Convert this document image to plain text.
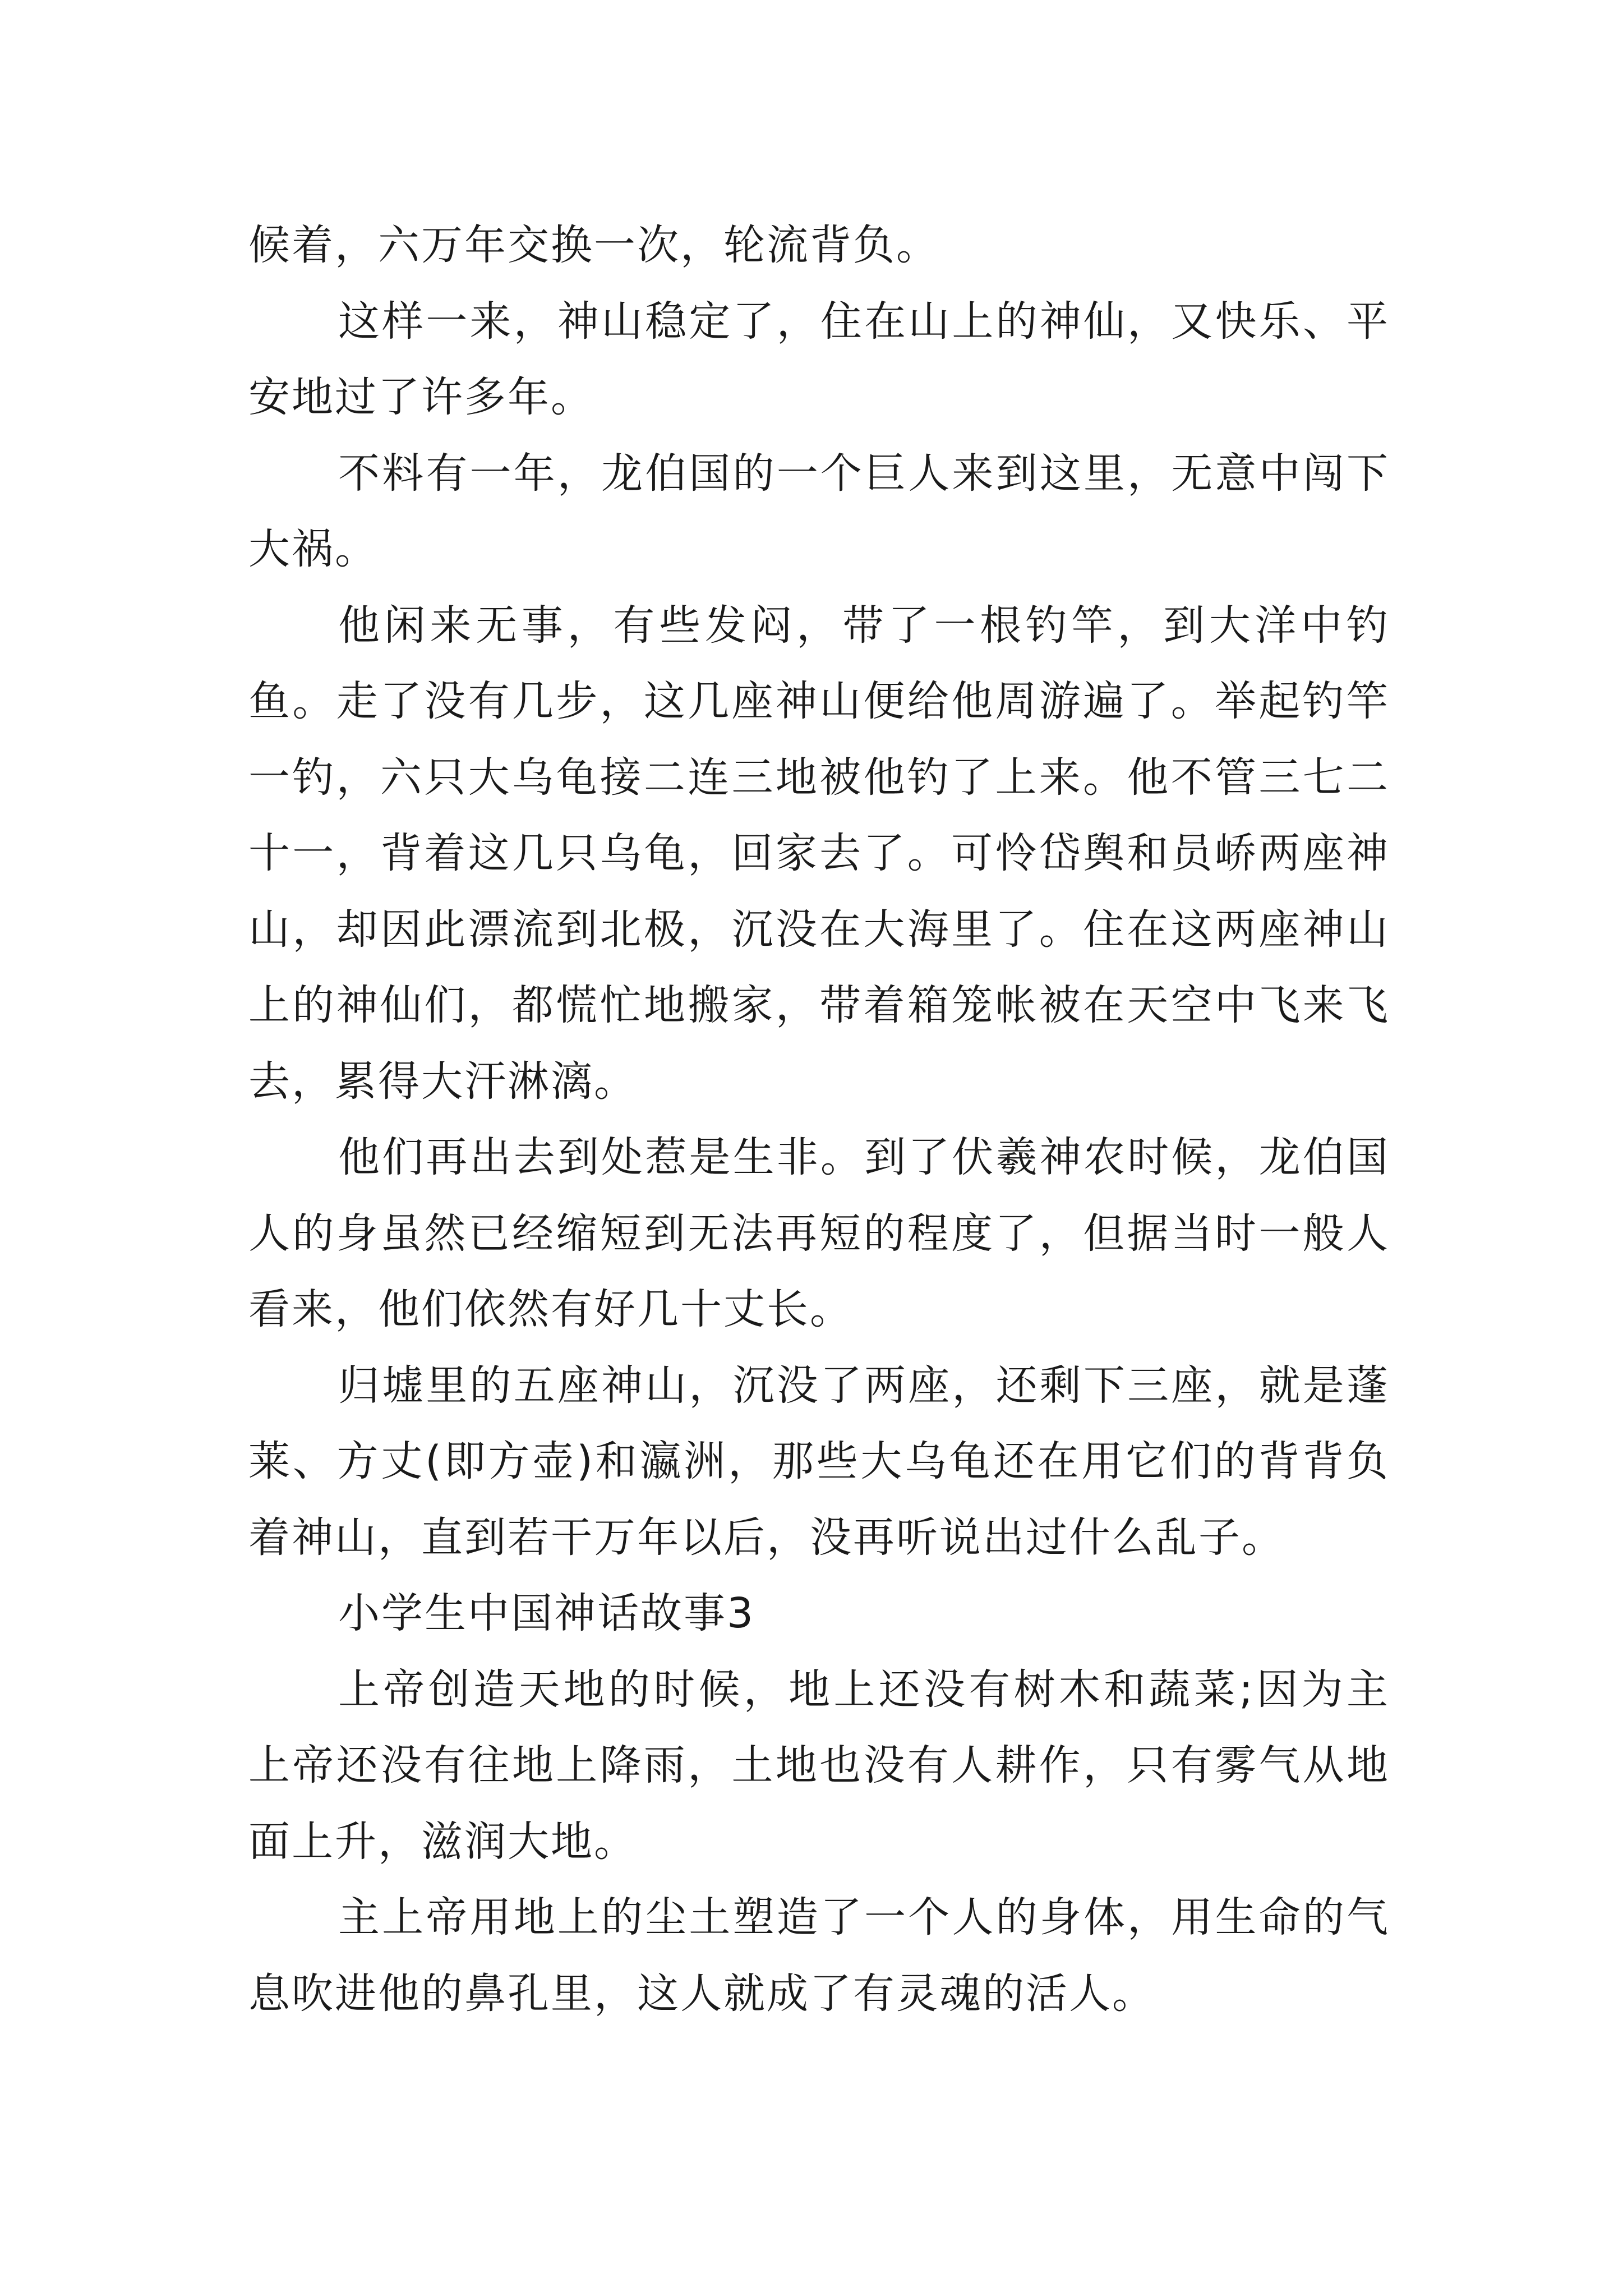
候着，六万年交换一次，轮流背负。

这样一来，神山稳定了，住在山上的神仙，又快乐、平安地过了许多年。

不料有一年，龙伯国的一个巨人来到这里，无意中闯下大祸。

他闲来无事，有些发闷，带了一根钓竿，到大洋中钓鱼。走了没有几步，这几座神山便给他周游遍了。举起钓竿一钓，六只大乌龟接二连三地被他钓了上来。他不管三七二十一，背着这几只乌龟，回家去了。可怜岱舆和员峤两座神山，却因此漂流到北极，沉没在大海里了。住在这两座神山上的神仙们，都慌忙地搬家，带着箱笼帐被在天空中飞来飞去，累得大汗淋漓。

他们再出去到处惹是生非。到了伏羲神农时候，龙伯国人的身虽然已经缩短到无法再短的程度了，但据当时一般人看来，他们依然有好几十丈长。

归墟里的五座神山，沉没了两座，还剩下三座，就是蓬莱、方丈(即方壶)和瀛洲，那些大乌龟还在用它们的背背负着神山，直到若干万年以后，没再听说出过什么乱子。

小学生中国神话故事3

上帝创造天地的时候，地上还没有树木和蔬菜;因为主上帝还没有往地上降雨，土地也没有人耕作，只有雾气从地面上升，滋润大地。

主上帝用地上的尘土塑造了一个人的身体，用生命的气息吹进他的鼻孔里，这人就成了有灵魂的活人。
